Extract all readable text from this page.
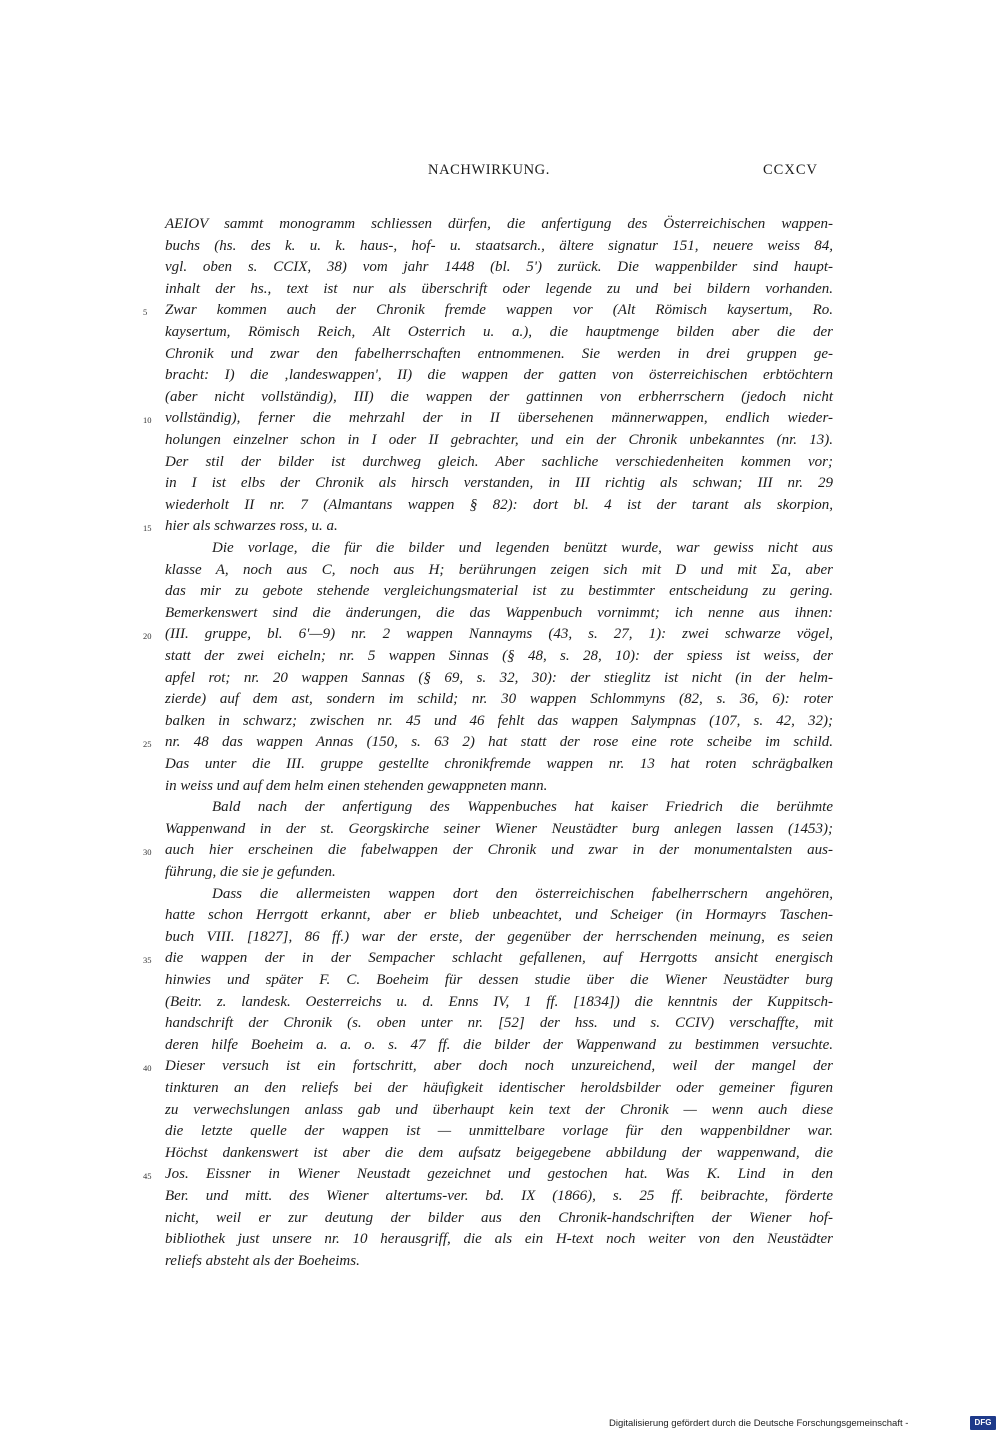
NACHWIRKUNG.	CCXCV
AEIOV sammt monogramm schliessen dürfen, die anfertigung des Österreichischen wappen-
buchs (hs. des k. u. k. haus-, hof- u. staatsarch., ältere signatur 151, neuere weiss 84,
vgl. oben s. CCIX, 38) vom jahr 1448 (bl. 5') zurück. Die wappenbilder sind haupt-
inhalt der hs., text ist nur als überschrift oder legende zu und bei bildern vorhanden.
Zwar kommen auch der Chronik fremde wappen vor (Alt Römisch kaysertum, Ro.
kaysertum, Römisch Reich, Alt Osterrich u. a.), die hauptmenge bilden aber die der
Chronik und zwar den fabelherrschaften entnommenen. Sie werden in drei gruppen ge-
bracht: I) die ‚landeswappen', II) die wappen der gatten von österreichischen erbtöchtern
(aber nicht vollständig), III) die wappen der gattinnen von erbherrschern (jedoch nicht
vollständig), ferner die mehrzahl der in II übersehenen männerwappen, endlich wieder-
holungen einzelner schon in I oder II gebrachter, und ein der Chronik unbekanntes (nr. 13).
Der stil der bilder ist durchweg gleich. Aber sachliche verschiedenheiten kommen vor;
in I ist elbs der Chronik als hirsch verstanden, in III richtig als schwan; III nr. 29
wiederholt II nr. 7 (Almantans wappen § 82): dort bl. 4 ist der tarant als skorpion,
hier als schwarzes ross, u. a.
Die vorlage, die für die bilder und legenden benützt wurde, war gewiss nicht aus
klasse A, noch aus C, noch aus H; berührungen zeigen sich mit D und mit Σa, aber
das mir zu gebote stehende vergleichungsmaterial ist zu bestimmter entscheidung zu gering.
Bemerkenswert sind die änderungen, die das Wappenbuch vornimmt; ich nenne aus ihnen:
(III. gruppe, bl. 6'—9) nr. 2 wappen Nannayms (43, s. 27, 1): zwei schwarze vögel,
statt der zwei eicheln; nr. 5 wappen Sinnas (§ 48, s. 28, 10): der spiess ist weiss, der
apfel rot; nr. 20 wappen Sannas (§ 69, s. 32, 30): der stieglitz ist nicht (in der helm-
zierde) auf dem ast, sondern im schild; nr. 30 wappen Schlommyns (82, s. 36, 6): roter
balken in schwarz; zwischen nr. 45 und 46 fehlt das wappen Salympnas (107, s. 42, 32);
nr. 48 das wappen Annas (150, s. 63 2) hat statt der rose eine rote scheibe im schild.
Das unter die III. gruppe gestellte chronikfremde wappen nr. 13 hat roten schrägbalken
in weiss und auf dem helm einen stehenden gewappneten mann.
Bald nach der anfertigung des Wappenbuches hat kaiser Friedrich die berühmte
Wappenwand in der st. Georgskirche seiner Wiener Neustädter burg anlegen lassen (1453);
auch hier erscheinen die fabelwappen der Chronik und zwar in der monumentalsten aus-
führung, die sie je gefunden.
Dass die allermeisten wappen dort den österreichischen fabelherrschern angehören,
hatte schon Herrgott erkannt, aber er blieb unbeachtet, und Scheiger (in Hormayrs Taschen-
buch VIII. [1827], 86 ff.) war der erste, der gegenüber der herrschenden meinung, es seien
die wappen der in der Sempacher schlacht gefallenen, auf Herrgotts ansicht energisch
hinwies und später F. C. Boeheim für dessen studie über die Wiener Neustädter burg
(Beitr. z. landesk. Oesterreichs u. d. Enns IV, 1 ff. [1834]) die kenntnis der Kuppitsch-
handschrift der Chronik (s. oben unter nr. [52] der hss. und s. CCIV) verschaffte, mit
deren hilfe Boeheim a. a. o. s. 47 ff. die bilder der Wappenwand zu bestimmen versuchte.
Dieser versuch ist ein fortschritt, aber doch noch unzureichend, weil der mangel der
tinkturen an den reliefs bei der häufigkeit identischer heroldsbilder oder gemeiner figuren
zu verwechslungen anlass gab und überhaupt kein text der Chronik — wenn auch diese
die letzte quelle der wappen ist — unmittelbare vorlage für den wappenbildner war.
Höchst dankenswert ist aber die dem aufsatz beigegebene abbildung der wappenwand, die
Jos. Eissner in Wiener Neustadt gezeichnet und gestochen hat. Was K. Lind in den
Ber. und mitt. des Wiener altertums-ver. bd. IX (1866), s. 25 ff. beibrachte, förderte
nicht, weil er zur deutung der bilder aus den Chronik-handschriften der Wiener hof-
bibliothek just unsere nr. 10 herausgriff, die als ein H-text noch weiter von den Neustädter
reliefs absteht als der Boeheims.
5
10
15
20
25
30
35
40
45
Digitalisierung gefördert durch die Deutsche Forschungsgemeinschaft -	DFG
